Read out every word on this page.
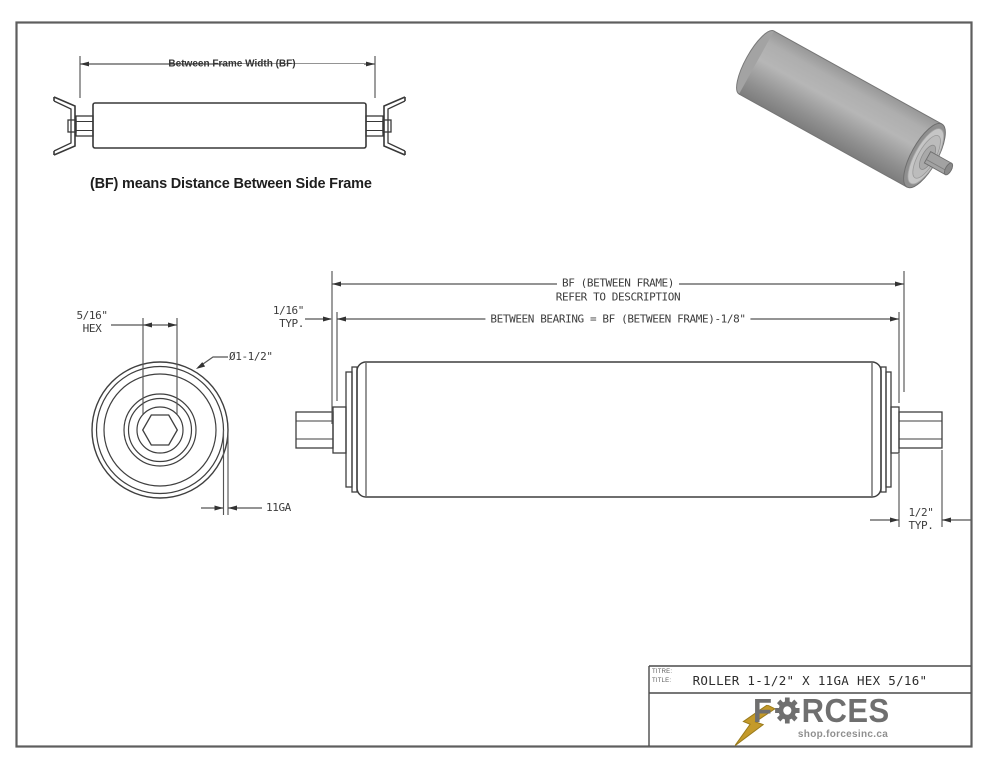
Between Frame Width (BF)
(BF) means Distance Between Side Frame
5/16"
HEX
Ø1-1/2"
11GA
BF (BETWEEN FRAME)
REFER TO DESCRIPTION
BETWEEN BEARING = BF (BETWEEN FRAME)-1/8"
1/16"
TYP.
1/2"
TYP.
TITRE:
TITLE:	ROLLER 1-1/2" X 11GA HEX 5/16"
F RCES
shop.forcesinc.ca
